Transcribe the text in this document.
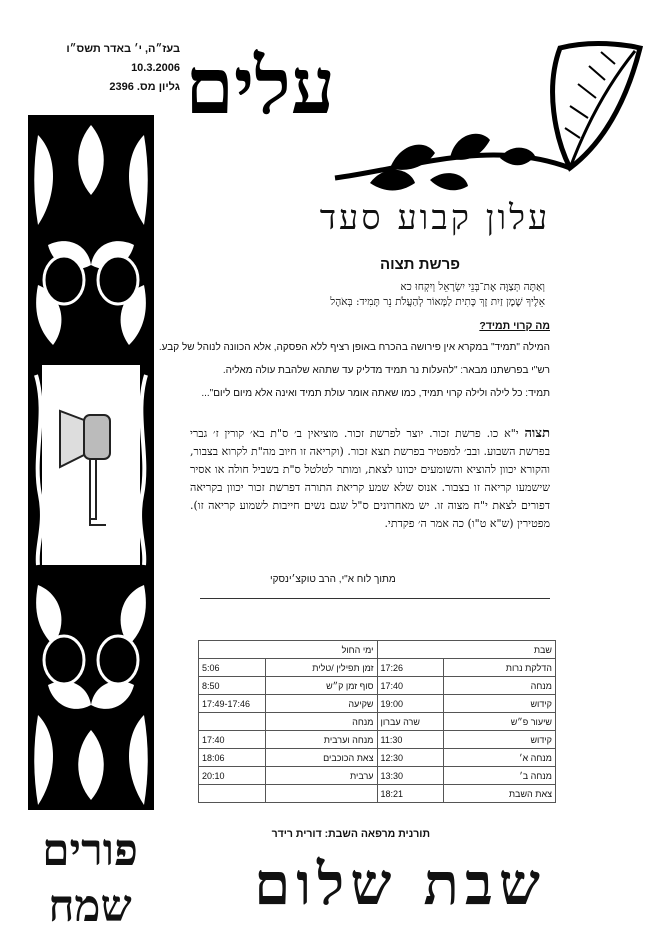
בעז״ה, י׳ באדר תשס״ו
10.3.2006
גליון מס. 2396 עלים
עלון קבוע סעד
פרשת תצוה
וְאַתָּה תְּצַוֶּה אֶת־בְּנֵי יִשְׂרָאֵל וְיִקְחוּ כא
אֵלֶיךָ שֶׁמֶן זַיִת זָךְ כָּתִית לַמָּאוֹר לְהַעֲלֹת נֵר תָּמִיד: בְּאֹהֶל
מה קרוי תמיד?
המילה "תמיד" במקרא אין פירושה בהכרח באופן רציף ללא הפסקה, אלא הכוונה לנוהל של קבע.
רש"י בפרשתנו מבאר: "להעלות נר תמיד מדליק עד שתהא שלהבת עולה מאליה.
תמיד: כל לילה ולילה קרוי תמיד, כמו שאתה אומר עולת תמיד ואינה אלא מיום ליום"...
תצוה י"א כו. פרשת זכור. יוצר לפרשת זכור. מוציאין ב׳ ס"ת בא׳ קורין ז׳ גברי בפרשת השבוע. ובב׳ למפטיר בפרשת תצא זכור. (וקריאה זו חיוב מה"ת לקרוא בצבור, והקורא יכוון להוציא והשומעים יכוונו לצאת, ומותר לטלטל ס"ת בשביל חולה או אסיר שישמעו קריאה זו בצבור. אנוס שלא שמע קריאת התורה דפרשת זכור יכוון בקריאה דפורים לצאת י"ח מצוה זו. יש מאחרונים ס"ל שגם נשים חייבות לשמוע קריאה זו). מפטירין (ש"א ט"ו) כה אמר ה׳ פקדתי.
מתוך לוח א"י, הרב טוקצ׳ינסקי
שבת		ימי החול	
הדלקת נרות	17:26	זמן תפילין /טלית	5:06
מנחה	17:40	סוף זמן ק״ש	8:50
קידוש	19:00	שקיעה	17:49-17:46
שיעור פ״ש	שרה עברון	מנחה	
קידוש	11:30	מנחה וערבית	17:40
מנחה א׳	12:30	צאת הכוכבים	18:06
מנחה ב׳	13:30	ערבית	20:10
צאת השבת	18:21		
תורנית מרפאה השבת: דורית רידר
שבת שלום
פורים
שמח
